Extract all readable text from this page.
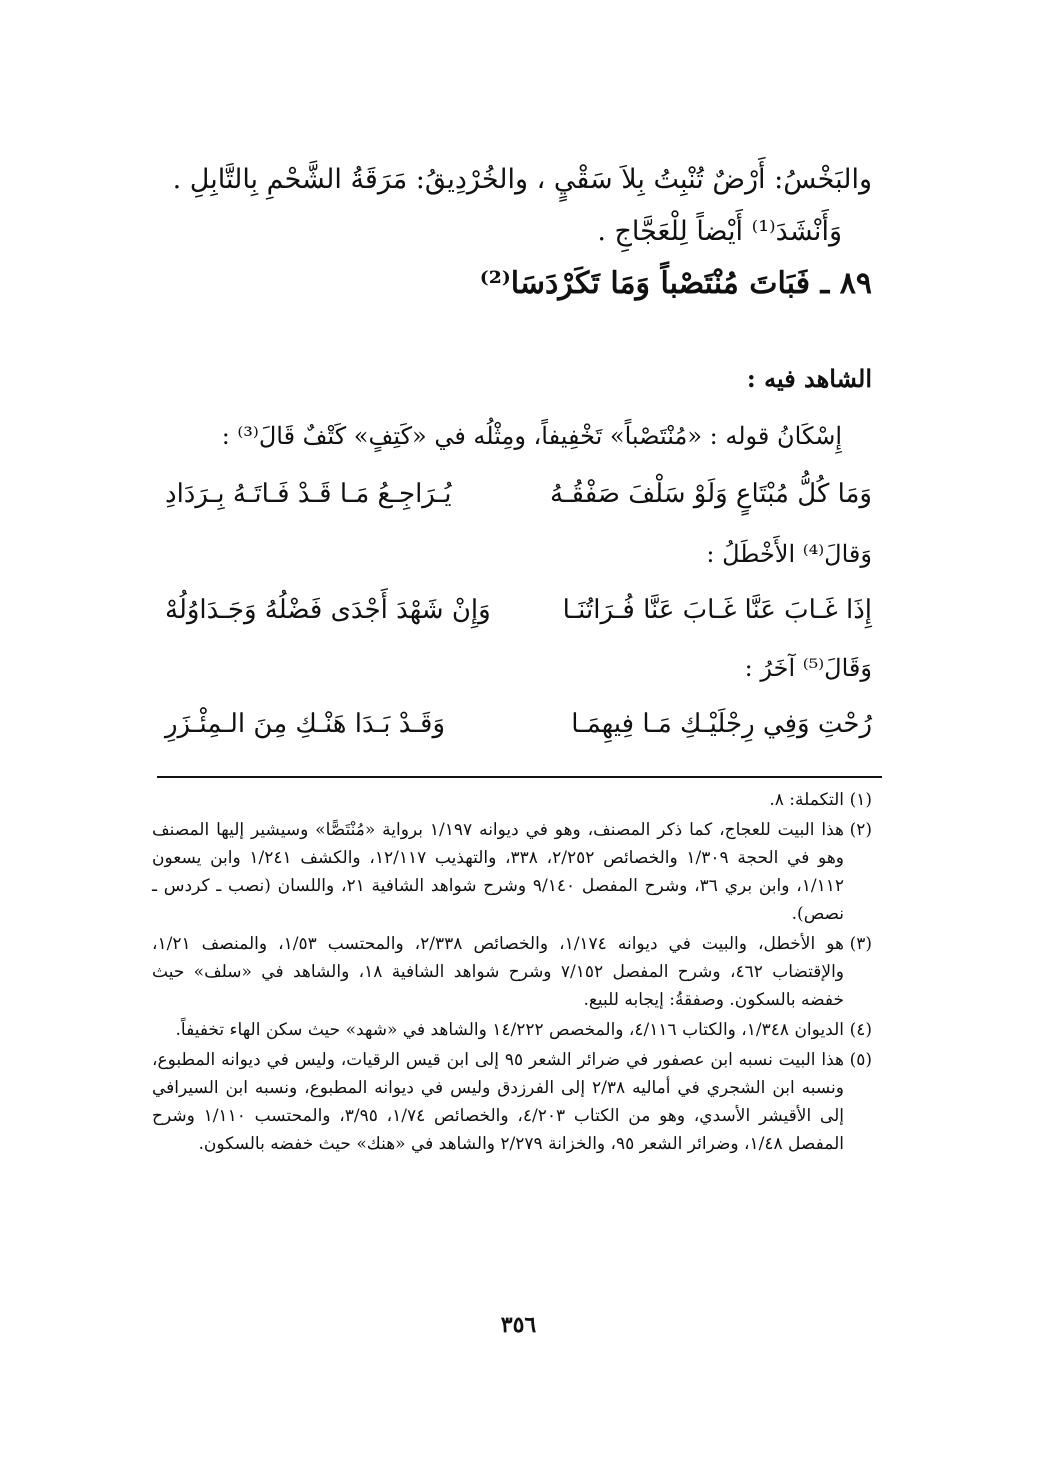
والبَخْسُ: أَرْضٌ تُنْبِتُ بِلاَ سَقْيٍ ، والخُرْدِيقُ: مَرَقَةُ الشَّحْمِ بِالتَّابِلِ .
وَأَنْشَدَ⁽¹⁾ أَيْضاً لِلْعَجَّاجِ .
٨٩ ـ فَبَاتَ مُنْتَصْباً وَمَا تَكَرْدَسَا⁽²⁾
الشاهد فيه :
إِسْكَانُ قوله : «مُنْتَصْباً» تَخْفِيفاً، ومِثْلُه في «كَتِفٍ» كَتْفٌ قَالَ⁽³⁾ :
وَمَا كُلُّ مُبْتَاعٍ وَلَوْ سَلْفَ صَفْقُـهُ
يُـرَاجِـعُ مَـا قَـدْ فَـاتَـهُ بِـرَدَادِ
وَقالَ⁽⁴⁾ الأَخْطَلُ :
إِذَا غَـابَ عَنَّا غَـابَ عَنَّا فُـرَاتُنَـا
وَإِنْ شَهْدَ أَجْدَى فَضْلُهُ وَجَـدَاوُلُهْ
وَقَالَ⁽⁵⁾ آخَرُ :
رُحْتِ وَفِي رِجْلَيْـكِ مَـا فِيهِمَـا
وَقَـدْ بَـدَا هَنْـكِ مِنَ الـمِئْـزَرِ
(١)
التكملة: ٨.
(٢)
هذا البيت للعجاج، كما ذكر المصنف، وهو في ديوانه ١/١٩٧ برواية «مُنْتَصًّا» وسيشير إليها المصنف وهو في الحجة ١/٣٠٩ والخصائص ٢/٢٥٢، ٣٣٨، والتهذيب ١٢/١١٧، والكشف ١/٢٤١ وابن يسعون ١/١١٢، وابن بري ٣٦، وشرح المفصل ٩/١٤٠ وشرح شواهد الشافية ٢١، واللسان (نصب ـ كردس ـ نصص).
(٣)
هو الأخطل، والبيت في ديوانه ١/١٧٤، والخصائص ٢/٣٣٨، والمحتسب ١/٥٣، والمنصف ١/٢١، والإقتضاب ٤٦٢، وشرح المفصل ٧/١٥٢ وشرح شواهد الشافية ١٨، والشاهد في «سلف» حيث خفضه بالسكون. وصفقةُ: إيجابه للبيع.
(٤)
الديوان ١/٣٤٨، والكتاب ٤/١١٦، والمخصص ١٤/٢٢٢ والشاهد في «شهد» حيث سكن الهاء تخفيفاً.
(٥)
هذا البيت نسبه ابن عصفور في ضرائر الشعر ٩٥ إلى ابن قيس الرقيات، وليس في ديوانه المطبوع، ونسبه ابن الشجري في أماليه ٢/٣٨ إلى الفرزدق وليس في ديوانه المطبوع، ونسبه ابن السيرافي إلى الأقيشر الأسدي، وهو من الكتاب ٤/٢٠٣، والخصائص ١/٧٤، ٣/٩٥، والمحتسب ١/١١٠ وشرح المفصل ١/٤٨، وضرائر الشعر ٩٥، والخزانة ٢/٢٧٩ والشاهد في «هنك» حيث خفضه بالسكون.
٣٥٦
